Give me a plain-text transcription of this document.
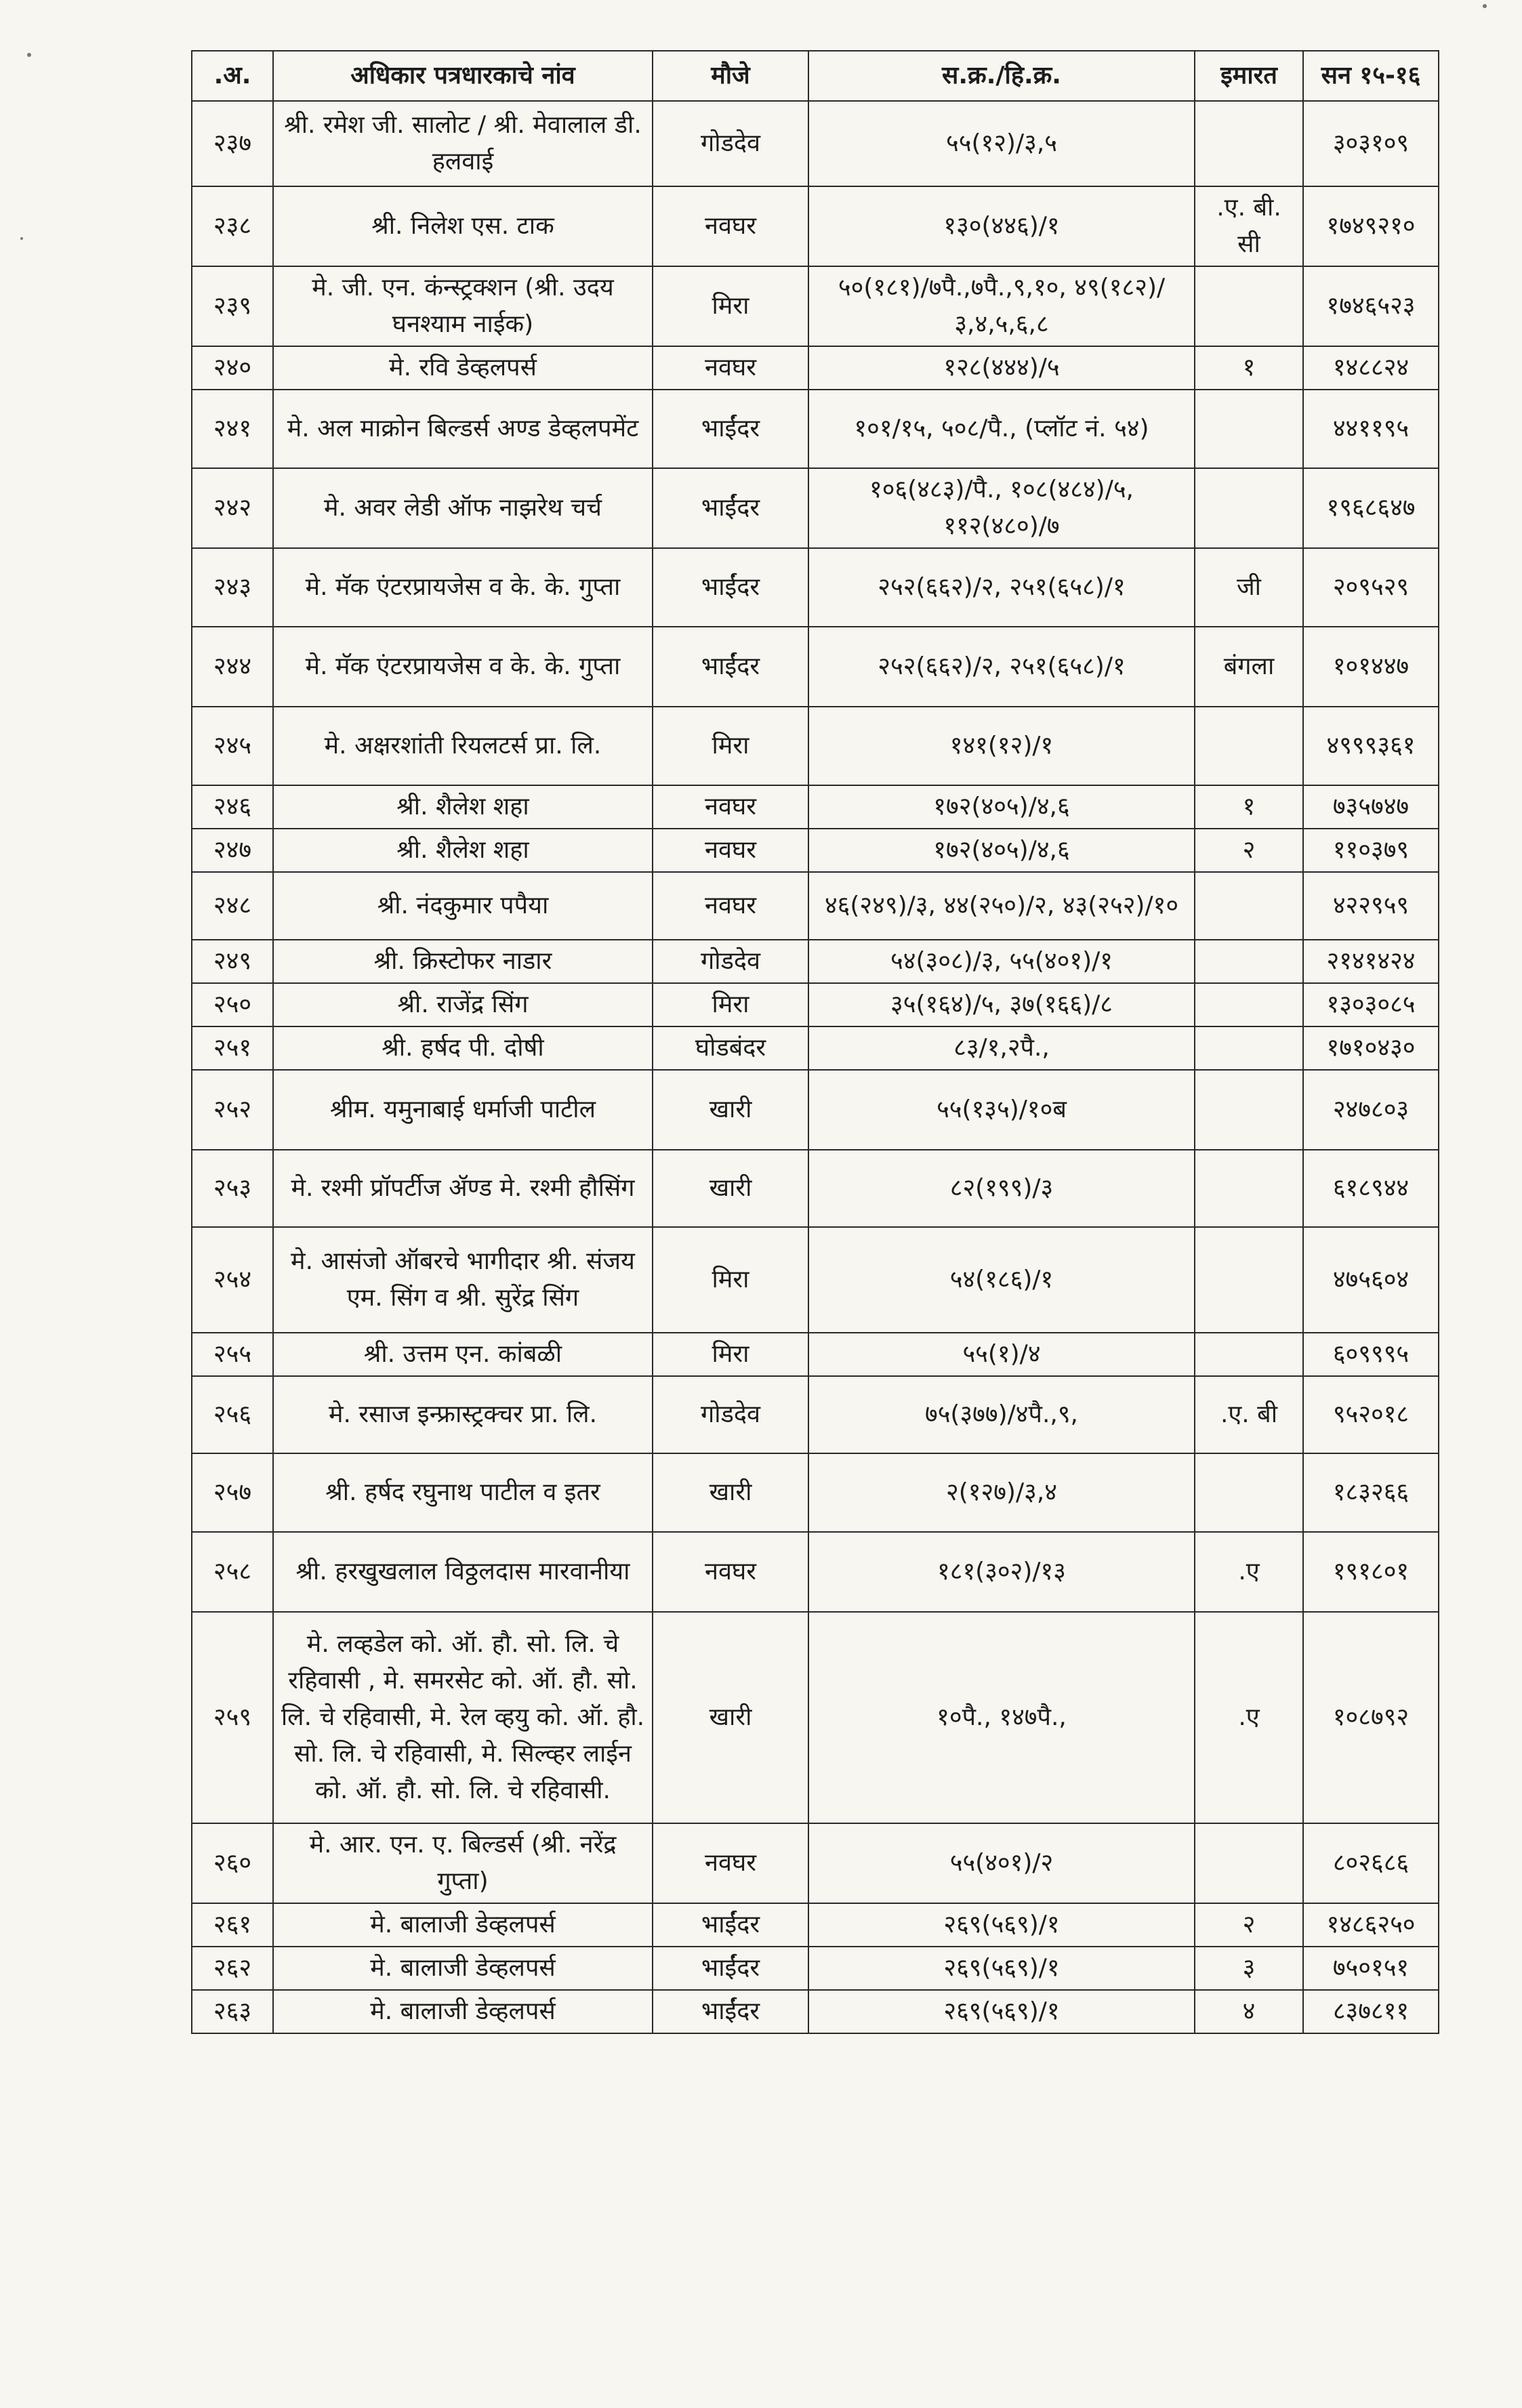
.अ.	अधिकार पत्रधारकाचे नांव	मौजे	स.क्र./हि.क्र.	इमारत	सन १५-१६
२३७	श्री. रमेश जी. सालोट / श्री. मेवालाल डी. हलवाई	गोडदेव	५५(१२)/३,५		३०३१०९
२३८	श्री. निलेश एस. टाक	नवघर	१३०(४४६)/१	.ए. बी. सी	१७४९२१०
२३९	मे. जी. एन. कंन्स्ट्रक्शन (श्री. उदय घनश्याम नाईक)	मिरा	५०(१८१)/७पै.,७पै.,९,१०, ४९(१८२)/३,४,५,६,८		१७४६५२३
२४०	मे. रवि डेव्हलपर्स	नवघर	१२८(४४४)/५	१	१४८८२४
२४१	मे. अल माक्रोन बिल्डर्स अण्ड डेव्हलपमेंट	भाईंदर	१०१/१५, ५०८/पै., (प्लॉट नं. ५४)		४४११९५
२४२	मे. अवर लेडी ऑफ नाझरेथ चर्च	भाईंदर	१०६(४८३)/पै., १०८(४८४)/५, ११२(४८०)/७		१९६८६४७
२४३	मे. मॅक एंटरप्रायजेस व के. के. गुप्ता	भाईंदर	२५२(६६२)/२, २५१(६५८)/१	जी	२०९५२९
२४४	मे. मॅक एंटरप्रायजेस व के. के. गुप्ता	भाईंदर	२५२(६६२)/२, २५१(६५८)/१	बंगला	१०१४४७
२४५	मे. अक्षरशांती रियलटर्स प्रा. लि.	मिरा	१४१(१२)/१		४९९९३६१
२४६	श्री. शैलेश शहा	नवघर	१७२(४०५)/४,६	१	७३५७४७
२४७	श्री. शैलेश शहा	नवघर	१७२(४०५)/४,६	२	११०३७९
२४८	श्री. नंदकुमार पपैया	नवघर	४६(२४९)/३, ४४(२५०)/२, ४३(२५२)/१०		४२२९५९
२४९	श्री. क्रिस्टोफर नाडार	गोडदेव	५४(३०८)/३, ५५(४०१)/१		२१४१४२४
२५०	श्री. राजेंद्र सिंग	मिरा	३५(१६४)/५, ३७(१६६)/८		१३०३०८५
२५१	श्री. हर्षद पी. दोषी	घोडबंदर	८३/१,२पै.,		१७१०४३०
२५२	श्रीम. यमुनाबाई धर्माजी पाटील	खारी	५५(१३५)/१०ब		२४७८०३
२५३	मे. रश्मी प्रॉपर्टीज ॲण्ड मे. रश्मी हौसिंग	खारी	८२(१९९)/३		६१८९४४
२५४	मे. आसंजो ऑबरचे भागीदार श्री. संजय एम. सिंग व श्री. सुरेंद्र सिंग	मिरा	५४(१८६)/१		४७५६०४
२५५	श्री. उत्तम एन. कांबळी	मिरा	५५(१)/४		६०९९९५
२५६	मे. रसाज इन्फ्रास्ट्रक्चर प्रा. लि.	गोडदेव	७५(३७७)/४पै.,९,	.ए. बी	९५२०१८
२५७	श्री. हर्षद रघुनाथ पाटील व इतर	खारी	२(१२७)/३,४		१८३२६६
२५८	श्री. हरखुखलाल विठ्ठलदास मारवानीया	नवघर	१८१(३०२)/१३	.ए	१९१८०१
२५९	मे. लव्हडेल को. ऑ. हौ. सो. लि. चे रहिवासी , मे. समरसेट को. ऑ. हौ. सो. लि. चे रहिवासी, मे. रेल व्हयु को. ऑ. हौ. सो. लि. चे रहिवासी, मे. सिल्व्हर लाईन को. ऑ. हौ. सो. लि. चे रहिवासी.	खारी	१०पै., १४७पै.,	.ए	१०८७९२
२६०	मे. आर. एन. ए. बिल्डर्स (श्री. नरेंद्र गुप्ता)	नवघर	५५(४०१)/२		८०२६८६
२६१	मे. बालाजी डेव्हलपर्स	भाईंदर	२६९(५६९)/१	२	१४८६२५०
२६२	मे. बालाजी डेव्हलपर्स	भाईंदर	२६९(५६९)/१	३	७५०१५१
२६३	मे. बालाजी डेव्हलपर्स	भाईंदर	२६९(५६९)/१	४	८३७८११
